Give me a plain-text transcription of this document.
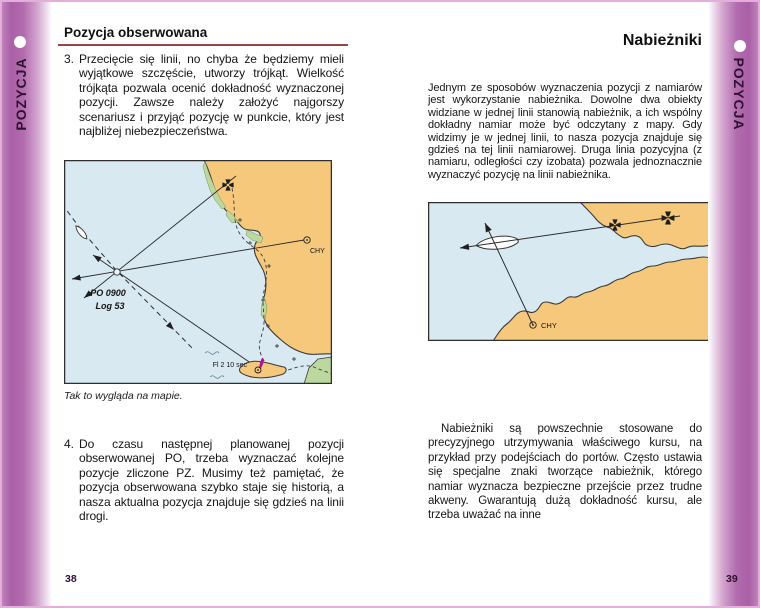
POZYCJA	POZYCJA
38	39
Pozycja obserwowana
3. Przecięcie się linii, no chyba że będziemy mieli wyjątkowe szczęście, utworzy trójkąt. Wielkość trójkąta pozwala ocenić dokładność wyznaczonej pozycji. Zawsze należy założyć najgorszy scenariusz i przyjąć pozycję w punkcie, który jest najbliżej niebezpieczeństwa.
CHY
PO 0900
Log 53
Fl 2 10 sec
Tak to wygląda na mapie.
4. Do czasu następnej planowanej pozycji obserwowanej PO, trzeba wyznaczać kolejne pozycje zliczone PZ. Musimy też pamiętać, że pozycja obserwowana szybko staje się historią, a nasza aktualna pozycja znajduje się gdzieś na linii drogi.
Nabieżniki
Jednym ze sposobów wyznaczenia pozycji z namiarów jest wykorzystanie nabieżnika. Dowolne dwa obiekty widziane w jednej linii stanowią nabieżnik, a ich wspólny dokładny namiar może być odczytany z mapy. Gdy widzimy je w jednej linii, to nasza pozycja znajduje się gdzieś na tej linii namiarowej. Druga linia pozycyjna (z namiaru, odległości czy izobata) pozwala jednoznacznie wyznaczyć pozycję na linii nabieżnika.
CHY
Nabieżniki są powszechnie stosowane do precyzyjnego utrzymywania właściwego kursu, na przykład przy podejściach do portów. Często ustawia się specjalne znaki tworzące nabieżnik, którego namiar wyznacza bezpieczne przejście przez trudne akweny. Gwarantują dużą dokładność kursu, ale trzeba uważać na inne
